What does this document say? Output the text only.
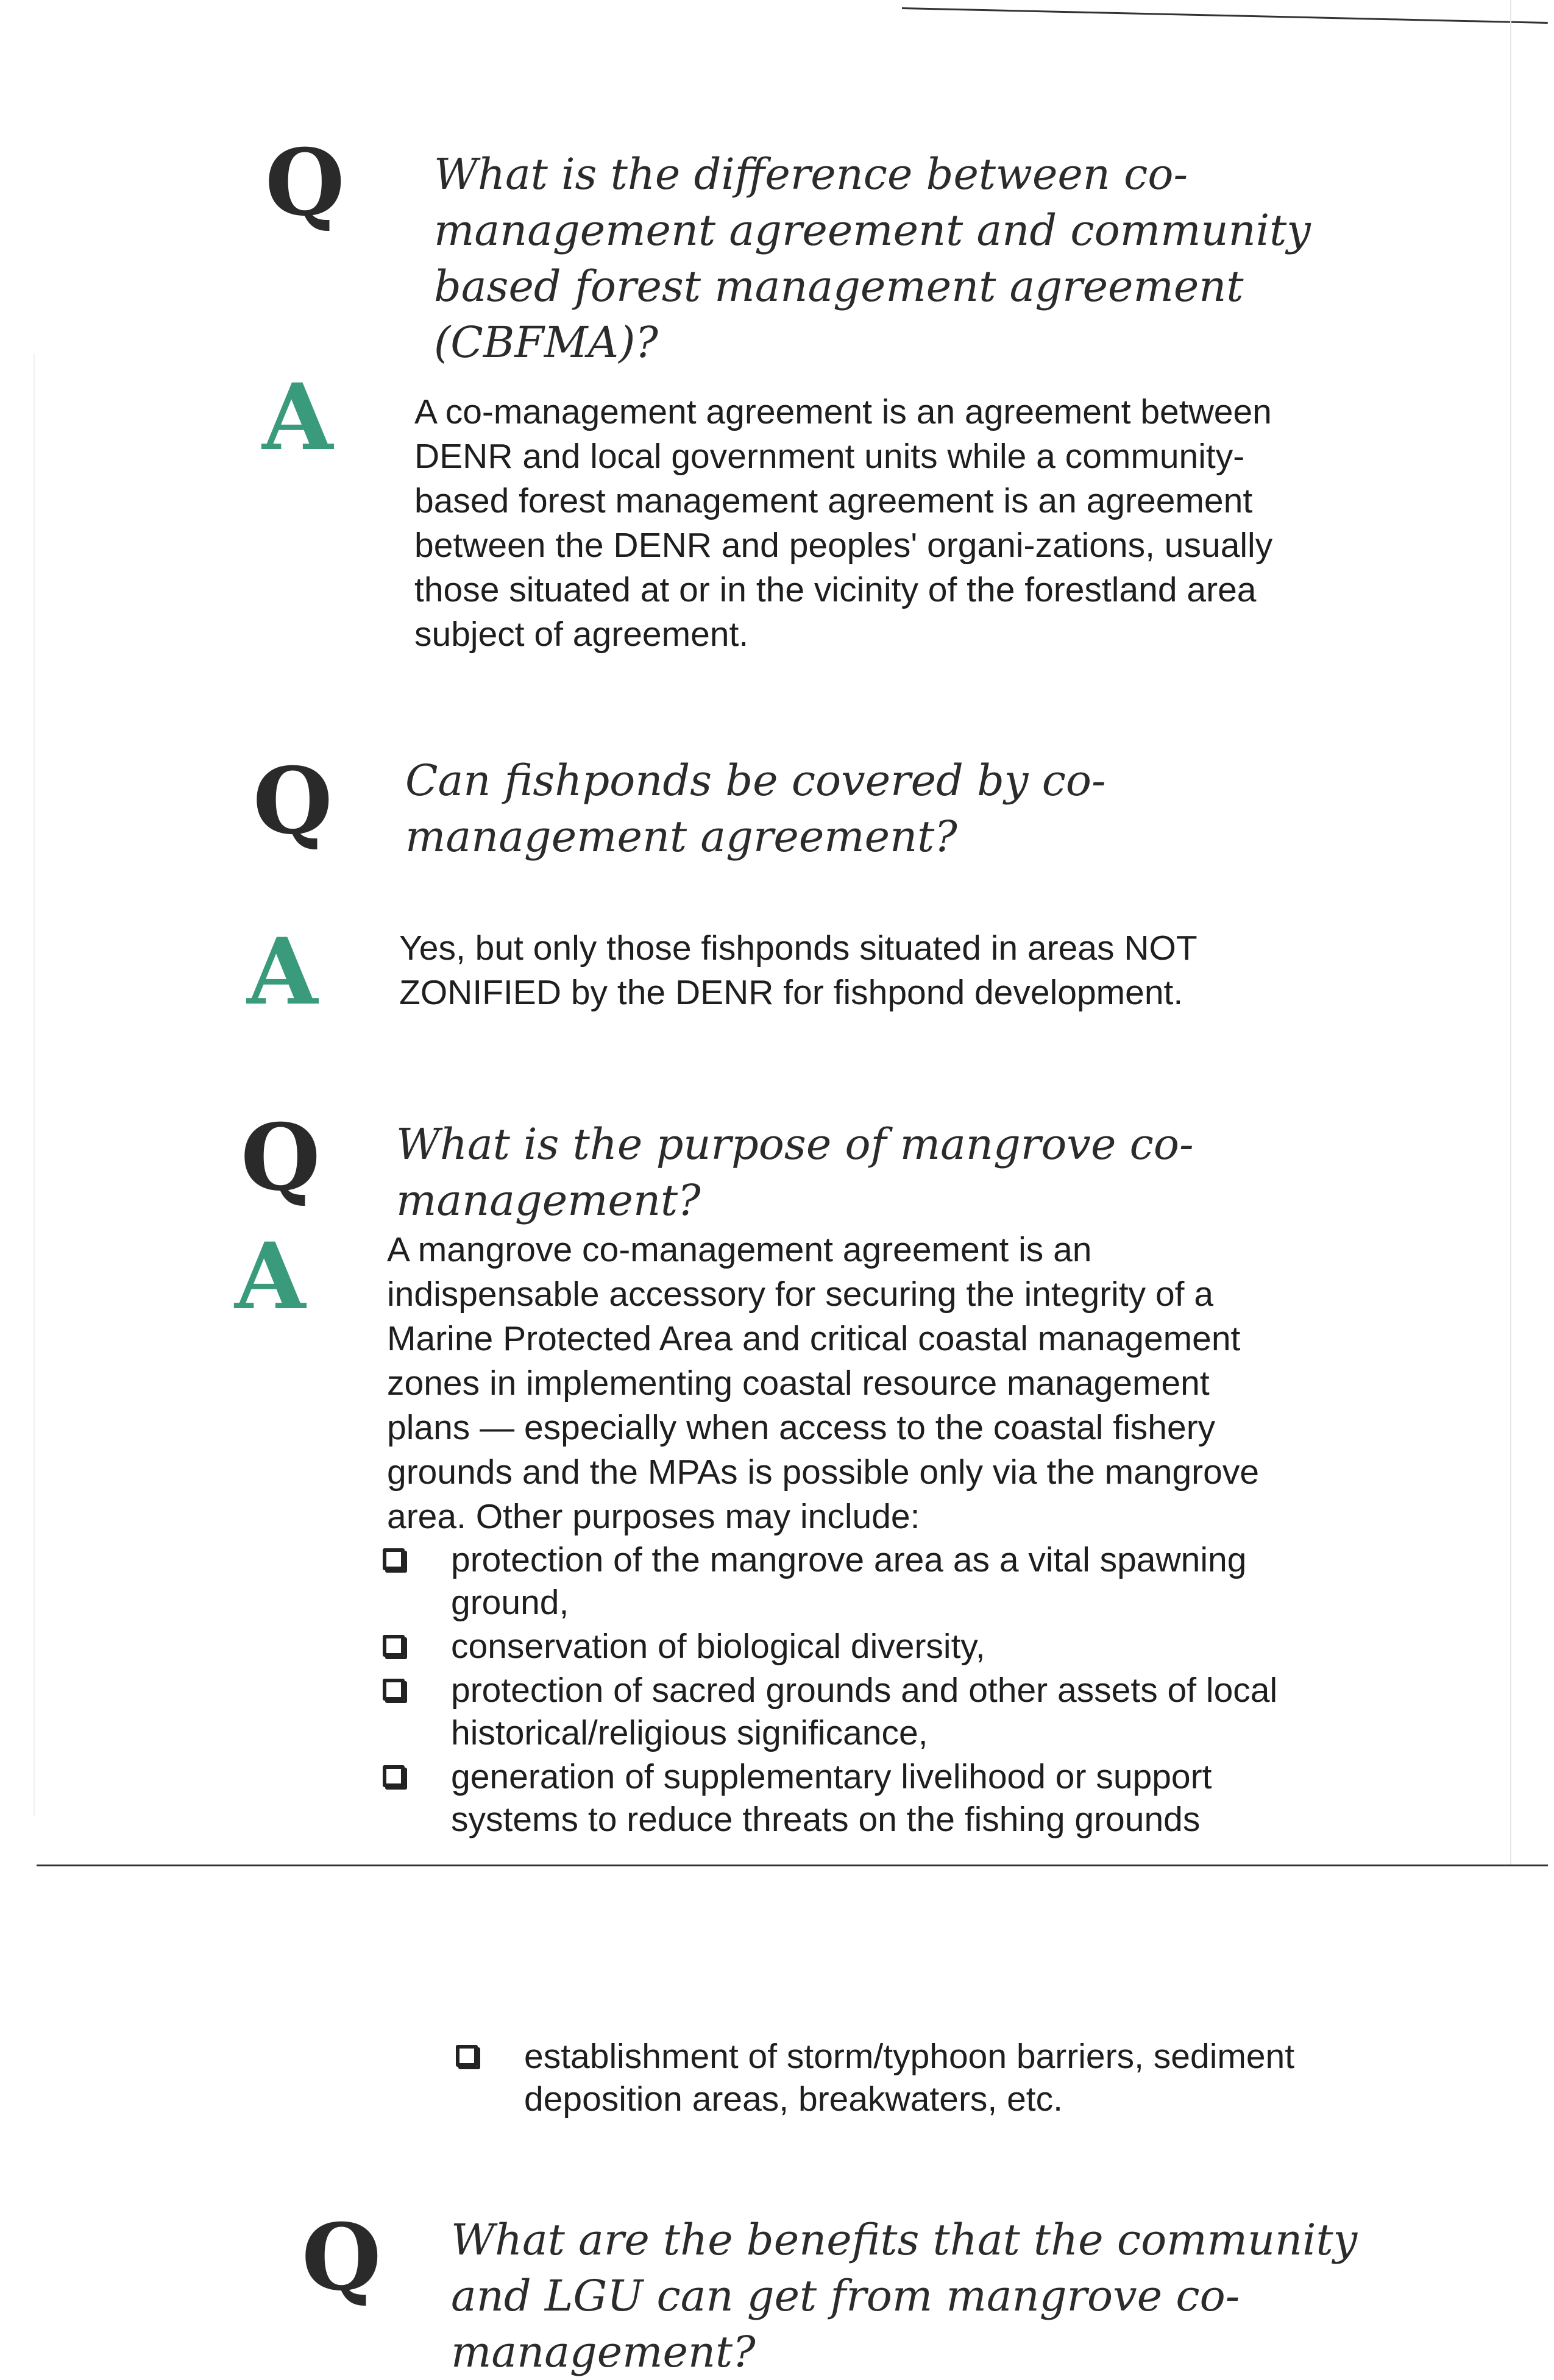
Q What is the difference between co-management agreement and community based forest management agreement (CBFMA)?
A A co-management agreement is an agreement between DENR and local government units while a community-based forest management agreement is an agreement between the DENR and peoples' organi-zations, usually those situated at or in the vicinity of the forestland area subject of agreement.
Q Can fishponds be covered by co-management agreement?
A Yes, but only those fishponds situated in areas NOT ZONIFIED by the DENR for fishpond development.
Q What is the purpose of mangrove co-management?
A A mangrove co-management agreement is an indispensable accessory for securing the integrity of a Marine Protected Area and critical coastal management zones in implementing coastal resource management plans — especially when access to the coastal fishery grounds and the MPAs is possible only via the mangrove area. Other purposes may include:
protection of the mangrove area as a vital spawning ground,
conservation of biological diversity,
protection of sacred grounds and other assets of local historical/religious significance,
generation of supplementary livelihood or support systems to reduce threats on the fishing grounds
establishment of storm/typhoon barriers, sediment deposition areas, breakwaters, etc.
Q What are the benefits that the community and LGU can get from mangrove co-management?
